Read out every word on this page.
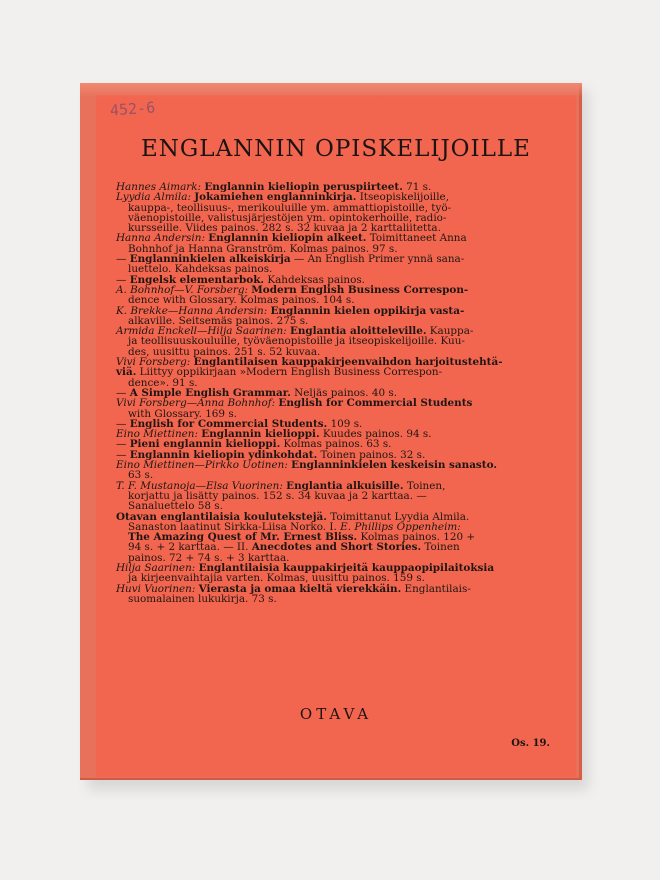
452-6

ENGLANNIN OPISKELIJOILLE
Hannes Aimark: Englannin kieliopin peruspiirteet. 71 s.
Lyydia Almila: Jokamiehen englanninkirja. Itseopiskelijoille,
kauppa-, teollisuus-, merikouluille ym. ammattiopistoille, työ-
väenopistoille, valistusjärjestöjen ym. opintokerhoille, radio-
kursseille. Viides painos. 282 s. 32 kuvaa ja 2 karttaliitetta.
Hanna Andersin: Englannin kieliopin alkeet. Toimittaneet Anna
Bohnhof ja Hanna Granström. Kolmas painos. 97 s.
— Englanninkielen alkeiskirja — An English Primer ynnä sana-
luettelo. Kahdeksas painos.
— Engelsk elementarbok. Kahdeksas painos.
A. Bohnhof—V. Forsberg: Modern English Business Correspon-
dence with Glossary. Kolmas painos. 104 s.
K. Brekke—Hanna Andersin: Englannin kielen oppikirja vasta-
alkaville. Seitsemäs painos. 275 s.
Armida Enckell—Hilja Saarinen: Englantia aloitteleville. Kauppa-
ja teollisuuskouluille, työväenopistoille ja itseopiskelijoille. Kuu-
des, uusittu painos. 251 s. 52 kuvaa.
Vivi Forsberg: Englantilaisen kauppakirjeenvaihdon harjoitustehtä-
viä. Liittyy oppikirjaan »Modern English Business Correspon-
dence». 91 s.
— A Simple English Grammar. Neljäs painos. 40 s.
Vivi Forsberg—Anna Bohnhof: English for Commercial Students
with Glossary. 169 s.
— English for Commercial Students. 109 s.
Eino Miettinen: Englannin kielioppi. Kuudes painos. 94 s.
— Pieni englannin kielioppi. Kolmas painos. 63 s.
— Englannin kieliopin ydinkohdat. Toinen painos. 32 s.
Eino Miettinen—Pirkko Uotinen: Englanninkielen keskeisin sanasto.
63 s.
T. F. Mustanoja—Elsa Vuorinen: Englantia alkuisille. Toinen,
korjattu ja lisätty painos. 152 s. 34 kuvaa ja 2 karttaa. —
Sanaluettelo 58 s.
Otavan englantilaisia koulutekstejä. Toimittanut Lyydia Almila.
Sanaston laatinut Sirkka-Liisa Norko. I. E. Phillips Oppenheim:
The Amazing Quest of Mr. Ernest Bliss. Kolmas painos. 120 +
94 s. + 2 karttaa. — II. Anecdotes and Short Stories. Toinen
painos. 72 + 74 s. + 3 karttaa.
Hilja Saarinen: Englantilaisia kauppakirjeitä kauppaopipilaitoksia
ja kirjeenvaihtajia varten. Kolmas, uusittu painos. 159 s.
Huvi Vuorinen: Vierasta ja omaa kieltä vierekkäin. Englantilais-
suomalainen lukukirja. 73 s.

OTAVA

Os. 19.
